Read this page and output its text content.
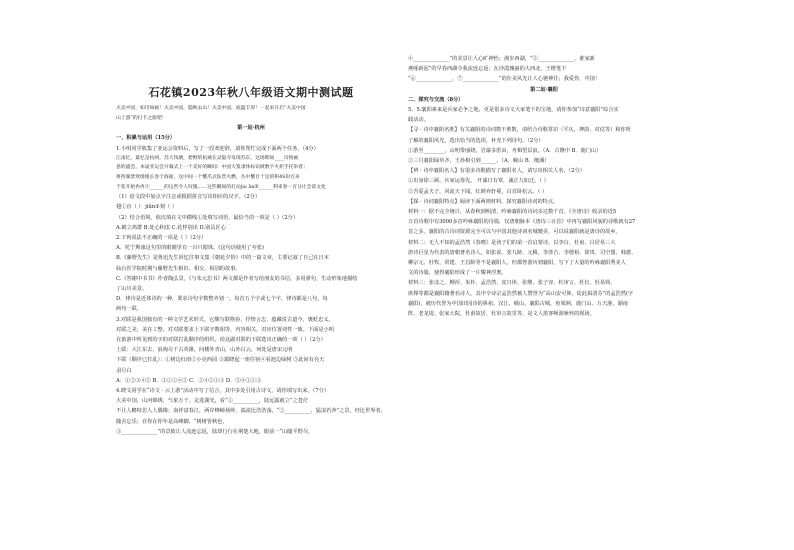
石花镇2023年秋八年级语文期中测试题

夫美中国，如诗如画！夫美中国，隐秋去山！夫美中国，底蕴丰厚！一起来开启“夫美中国

山上游”的打卡之旅吧！

第一站·杭州

一、积累与运用（15分）

1.小明同学收集了亚运会资料后，写了一段欢迎辞，请你帮忙完成下面两个任务。（4分）

江南忆，最忆是杭州。苏大钱塘，碧野的杭城在灵隐寺发现苏东，这场期间____诗情画

意的盛会。本届亚运会开幕式上一个美好的瞬间：中国大篆隶体标识被数字火炬手托举着；

将西湖景致缓缓长卷于海面，这中间一个蟹爪式钻营火燃，丛中蟹目十足的和4S份百来

于花开始冉冉③______的这些令人叹服……这些瞬间的打动jiu ān②______利来春一百分让会读文化

（1）给文段中加点字注音或根据拼音写出相应的汉字。（2分）

翅①盲（ ） jiǔn②刻（ ）

（2）结合语境，依次填在文中横线①处填写词语，最恰当的一项是（ ）（2分）

A.鹤立鸡群 B.处心积虑 C.花样别出 D.别具匠心

2.下列说法不正确的一项是（ ）（2分）

A．托宁斯康这句里的眼睛里有一百只眼珠。(这句话使用了夸张)

B.《藤野先生》是鲁迅先生回忆往事文集《朝花夕拾》中的一篇文章，主要记叙了自己在日本

仙台医学院时期与藤野先生相识、相交、相别的故事。

C.《答谢中书书》作者陶弘景，《与朱元思书》两文都是作者写给朋友的书信，多用骈句，生动形象地描绘

了山川美景。

D．律诗是近体诗的一种，要求诗句字数整齐划一，每首五个字或七个字，律诗都是八句，每

两句一联。

3.对联是我国独有的一种文学艺术形式，它颇写联格协、抒情言志，蕴藏说古道今、褒贬忠义。

对联之美，美在工整。对对联要求上下联字数相等，内容相关，对应位置词性一致。下面是小明

在旅游中所见到的字的对联打乱顺序的组织，给这副对联的下联选出正确的一项（ ）（2分）

上联：大江东去，浪淘尽千古英雄，问楼外青山，山外白云，何处是唐宋元明

下联（顺序已打乱）：①树边红雨②小亮西园 ③霸晓起一座住宿④看池边绿树 ⑤此间有亮天

羽月白

A．①②③④⑤ B．③①②④⑤ C．②④⑤①③ D．⑤④①②③

4.晓文同学在“诗文 · 云上游”活动中写了信言，其中多处引用古诗文，请你填写出来。（7分）

大美中国，山河锦绣，气象万千。走进湖光，看“①__________，陆远露就立”之苍茫

不让人略特思人人偶像；南祥富春江，两岸峰嶂扬岭，湍流比浩浩荡，“②__________，猛浪若奔”之景，经比世界者，随舍忘乐；在你在你年是高峰脚，“树树皆秋色，

③______________”的景致让人流连忘返，陆却行行在荆楚大地，眼前一“山随平野尽，

④______________”的美景让人心旷神怡；漫步西湖，“⑤______________，谁家新

燕啄新泥”的早春西湖令我流连忘返；在沙漠瑰丽的大西北，王维笔下

“⑥______________，⑦______________”的壮美风光让人心驰神往；我爱你，中国！

第二站·襄阳

二、探究与交流（8分）

5、5.襄阳素来是兵家必争之地，更是很多诗文大家笔下的宝地，请你参加“诗意襄阳”综合实

践活动。

【寻 · 诗中襄阳名胜】有关襄阳的诗词数不胜数，请结合诗歌常识（平仄、押韵、对仗等）和你所

了解的襄阳风光，选出恰当的选项，补充下列诗句。（2分）

①游至________，山明带丽娆。岩瀑多匿由，舟楫望层浪。（A．古隆中 B．鹿门山）

②三月襄阳绿草齐，王孙相引到______。（A．岘山 B．檀溪）

【辨 · 诗中襄阳名人】有很多诗歌描写了襄阳名人，请写出相关人名。（2分）

①出身徐三顾，兵家运筹先。 开诚日有覃，诚正九如迁。（ ）

②吾爱孟夫子，风流天下闻。红颜弃轩冕，白首卧松云。（ ）

【探 · 诗词襄阳特点】阅读下面两则材料，探究襄阳诗词的特点。

材料一：据不完全统计，从春秋到明清，吟咏襄阳的诗词多达数千首。《全唐诗》收录的近5

万首诗歌中有3000多首吟咏襄阳的诗篇，仅唐朝脉本《唐诗三百首》中再写襄阳风貌的诗歌就有27

首之多。襄阳的古诗词资源完全可以与中国其他诗词名城媲美，可以说襄阳就是唐诗的故乡。

材料二：无人不知的孟浩然《春晓》是孩子们的第一首启蒙诗。以李白、杜甫、白居易三大

唐诗巨星为代表的唐朝著名诗人，如张说、张九龄、元稹、李涉吉、李德裕、徐贵、司空图、韩愈、

柳宗元、杜牧、常建、王昌龄等不是襄阳人，但都曾游历到襄阳，写下了大量的吟咏襄阳秀美人

文的诗篇，使得襄阳形成了一片耀神涅奥。

材料三：张彦之、柳浑、朱朴、孟浩然、皮日休、张继、张子容、杜审言、杜位、杜易简、

席撑等都是襄阳籍著名诗人，其中辛诗宗孟浩然被人赞誉为“高山安可仰，徒此揖清芬”的孟浩然(字

襄阳)，被历代誉为中国田园诗的鼻祖。汉江、岘山、襄阳古城、鱼梁洲、鹿门山、万天港、湖南

阵、老龙堤、张家大院、杜甫故居、杜审言故里等，是文人墨客畅游咏怀的现场。
